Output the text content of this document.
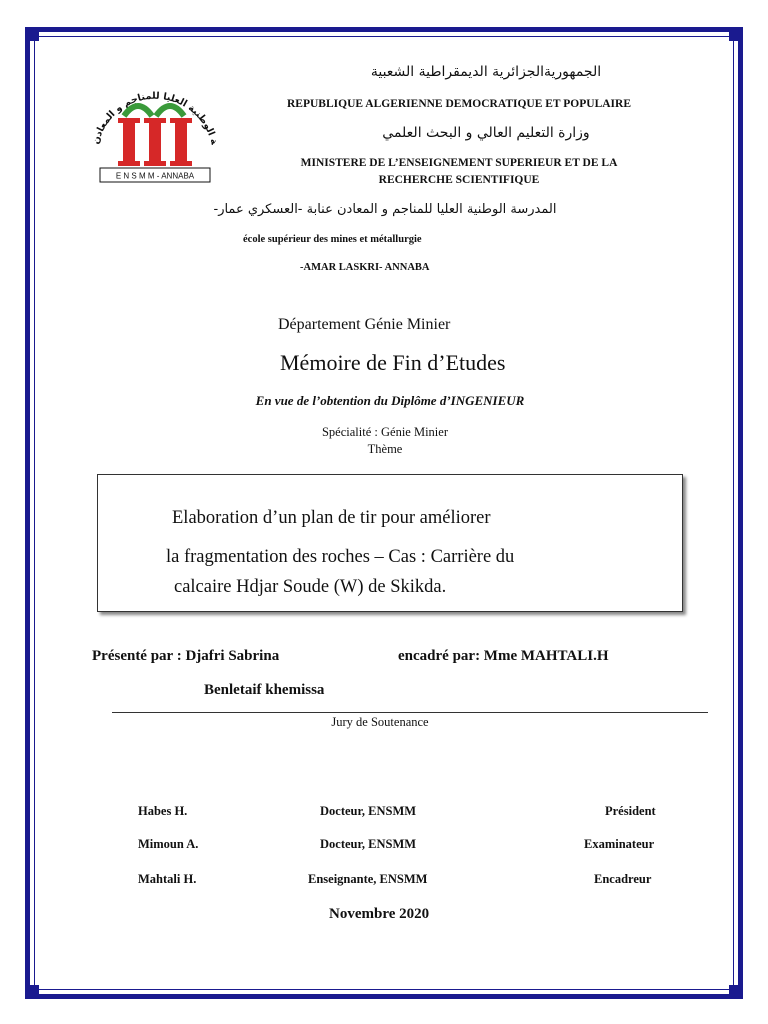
ة الوطنية العليا للمناجم و المعادن
E N S M M - ANNABA
الجمهوريةالجزائرية الديمقراطية الشعبية
REPUBLIQUE ALGERIENNE DEMOCRATIQUE ET POPULAIRE
وزارة التعليم العالي و البحث العلمي
MINISTERE DE L’ENSEIGNEMENT SUPERIEUR ET DE LA
RECHERCHE SCIENTIFIQUE
المدرسة الوطنية العليا للمناجم و المعادن عنابة -العسكري عمار-
école supérieur des mines et métallurgie
-AMAR LASKRI- ANNABA
Département Génie Minier
Mémoire de Fin d’Etudes
En vue de l’obtention du Diplôme d’INGENIEUR
Spécialité : Génie Minier
Thème
Elaboration d’un plan de tir pour améliorer
la fragmentation des roches – Cas : Carrière du
calcaire Hdjar Soude (W) de Skikda.
Présenté par : Djafri Sabrina	encadré par: Mme MAHTALI.H
Benletaif khemissa
Jury de Soutenance
Habes H.	Docteur, ENSMM	Président
Mimoun A.	Docteur, ENSMM	Examinateur
Mahtali H.	Enseignante, ENSMM	Encadreur
Novembre 2020
